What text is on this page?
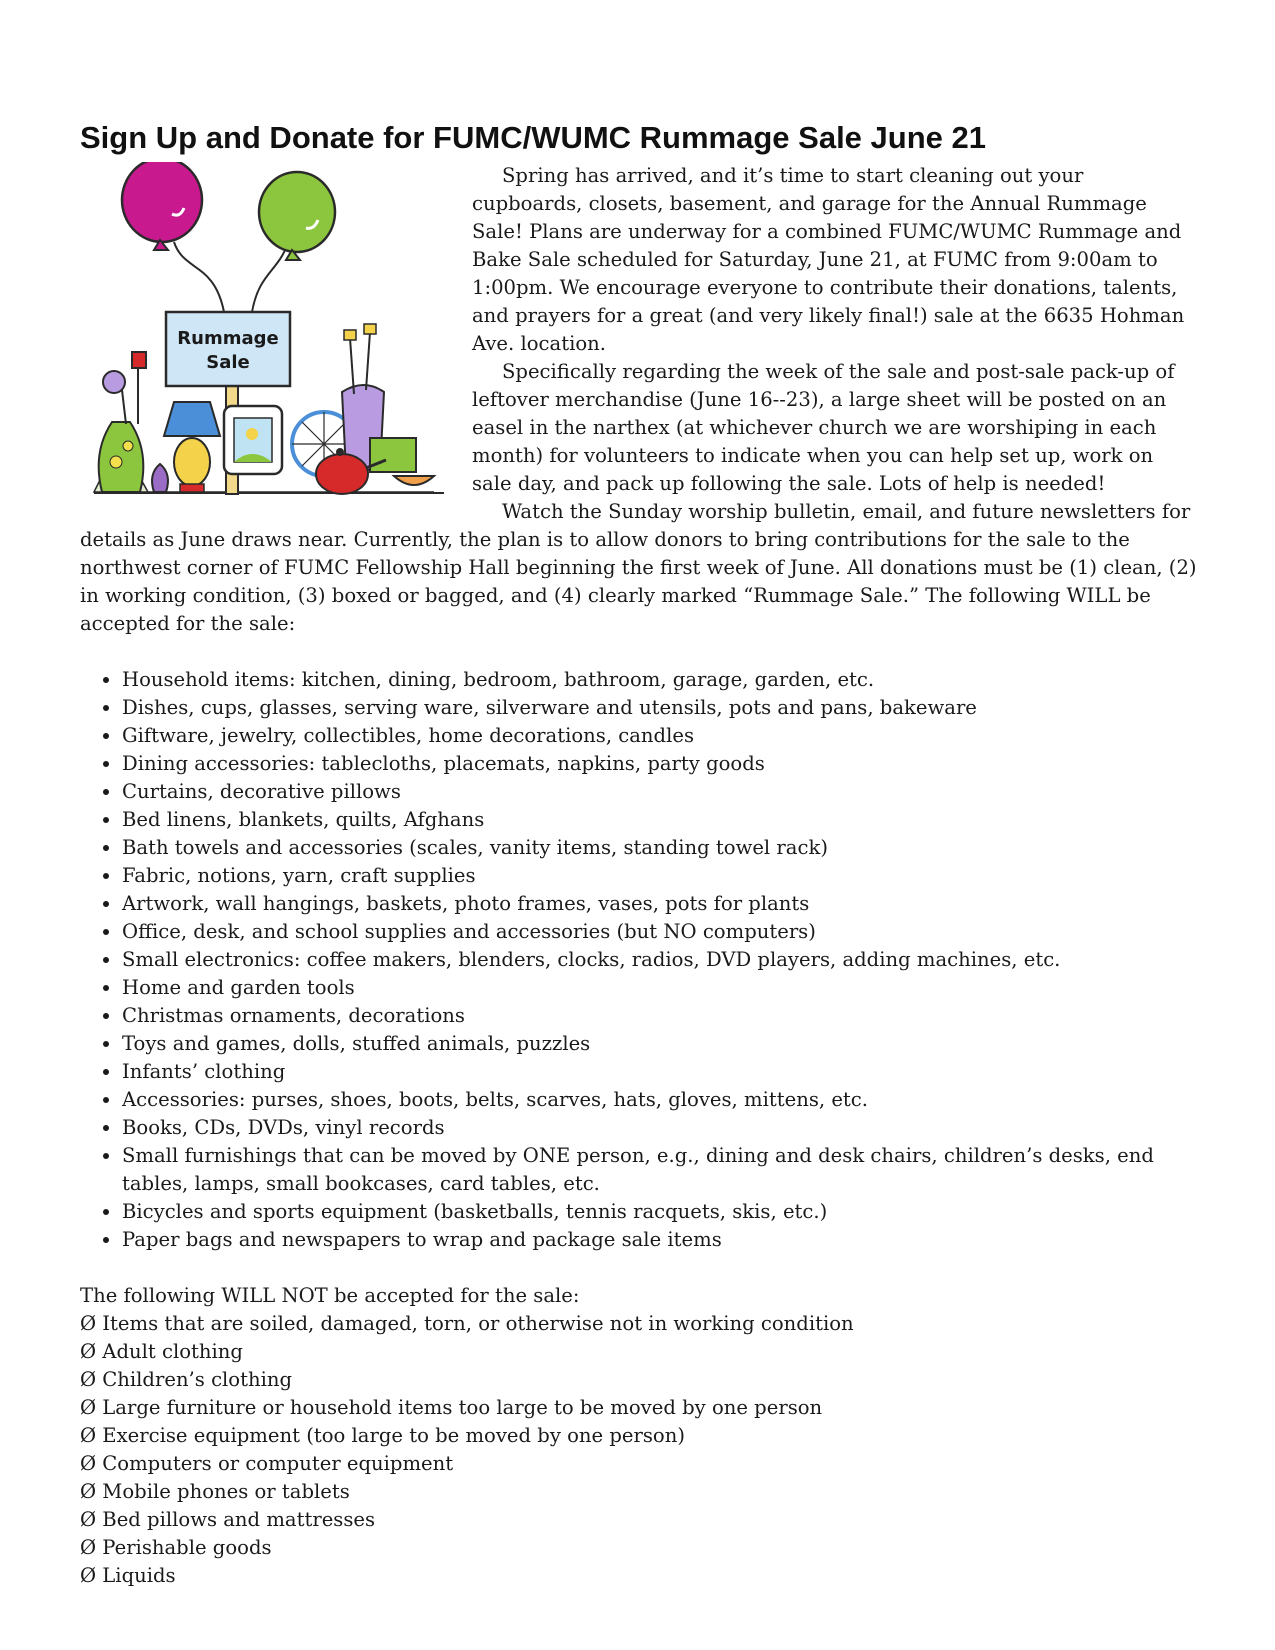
Sign Up and Donate for FUMC/WUMC Rummage Sale June 21
Rummage
Sale

Spring has arrived, and it’s time to start cleaning out your cupboards, closets, basement, and garage for the Annual Rummage Sale! Plans are underway for a combined FUMC/WUMC Rummage and Bake Sale scheduled for Saturday, June 21, at FUMC from 9:00am to 1:00pm. We encourage everyone to contribute their donations, talents, and prayers for a great (and very likely final!) sale at the 6635 Hohman Ave. location.

Specifically regarding the week of the sale and post-sale pack-up of leftover merchandise (June 16--23), a large sheet will be posted on an easel in the narthex (at whichever church we are worshiping in each month) for volunteers to indicate when you can help set up, work on sale day, and pack up following the sale. Lots of help is needed!

Watch the Sunday worship bulletin, email, and future newsletters for details as June draws near. Currently, the plan is to allow donors to bring contributions for the sale to the northwest corner of FUMC Fellowship Hall beginning the first week of June. All donations must be (1) clean, (2) in working condition, (3) boxed or bagged, and (4) clearly marked “Rummage Sale.” The following WILL be accepted for the sale:

• Household items: kitchen, dining, bedroom, bathroom, garage, garden, etc.
• Dishes, cups, glasses, serving ware, silverware and utensils, pots and pans, bakeware
• Giftware, jewelry, collectibles, home decorations, candles
• Dining accessories: tablecloths, placemats, napkins, party goods
• Curtains, decorative pillows
• Bed linens, blankets, quilts, Afghans
• Bath towels and accessories (scales, vanity items, standing towel rack)
• Fabric, notions, yarn, craft supplies
• Artwork, wall hangings, baskets, photo frames, vases, pots for plants
• Office, desk, and school supplies and accessories (but NO computers)
• Small electronics: coffee makers, blenders, clocks, radios, DVD players, adding machines, etc.
• Home and garden tools
• Christmas ornaments, decorations
• Toys and games, dolls, stuffed animals, puzzles
• Infants’ clothing
• Accessories: purses, shoes, boots, belts, scarves, hats, gloves, mittens, etc.
• Books, CDs, DVDs, vinyl records
• Small furnishings that can be moved by ONE person, e.g., dining and desk chairs, children’s desks, end tables, lamps, small bookcases, card tables, etc.
• Bicycles and sports equipment (basketballs, tennis racquets, skis, etc.)
• Paper bags and newspapers to wrap and package sale items

The following WILL NOT be accepted for the sale:

Ø Items that are soiled, damaged, torn, or otherwise not in working condition
Ø Adult clothing
Ø Children’s clothing
Ø Large furniture or household items too large to be moved by one person
Ø Exercise equipment (too large to be moved by one person)
Ø Computers or computer equipment
Ø Mobile phones or tablets
Ø Bed pillows and mattresses
Ø Perishable goods
Ø Liquids
